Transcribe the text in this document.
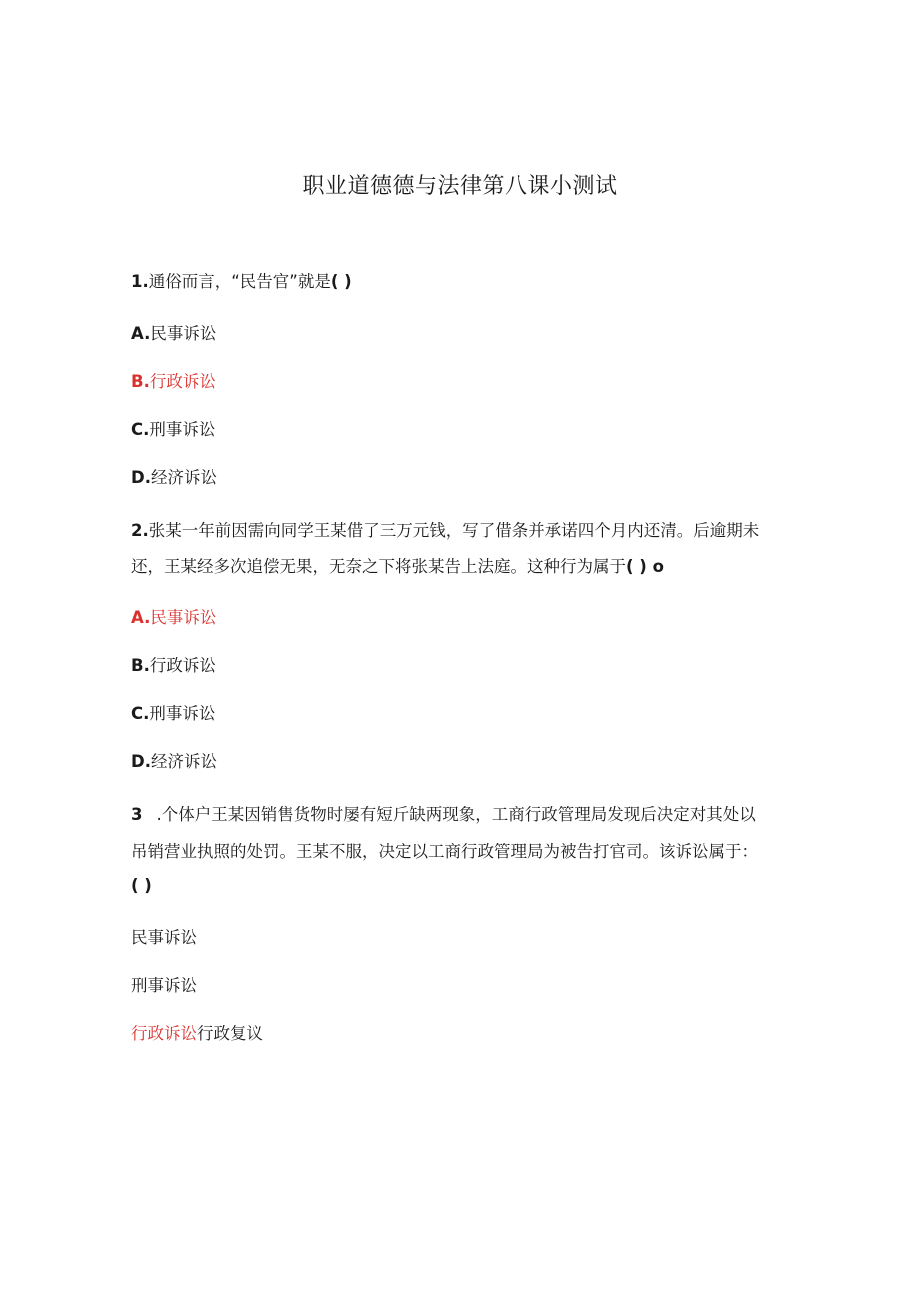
职业道德德与法律第八课小测试
1.通俗而言，“民告官”就是( )
A.民事诉讼
B.行政诉讼
C.刑事诉讼
D.经济诉讼
2.张某一年前因需向同学王某借了三万元钱，写了借条并承诺四个月内还清。后逾期未
还，王某经多次追偿无果，无奈之下将张某告上法庭。这种行为属于( ) o
A.民事诉讼
B.行政诉讼
C.刑事诉讼
D.经济诉讼
3 .个体户王某因销售货物时屡有短斤缺两现象，工商行政管理局发现后决定对其处以
吊销营业执照的处罚。王某不服，决定以工商行政管理局为被告打官司。该诉讼属于：
( )
民事诉讼
刑事诉讼
行政诉讼行政复议
